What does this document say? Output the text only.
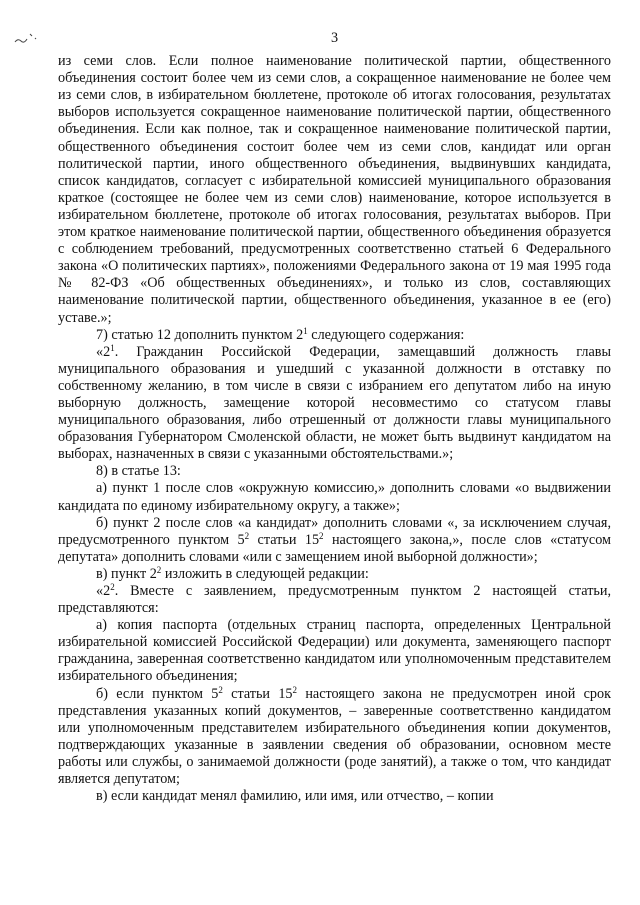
3

из семи слов. Если полное наименование политической партии, общественного объединения состоит более чем из семи слов, а сокращенное наименование не более чем из семи слов, в избирательном бюллетене, протоколе об итогах голосования, результатах выборов используется сокращенное наименование политической партии, общественного объединения. Если как полное, так и сокращенное наименование политической партии, общественного объединения состоит более чем из семи слов, кандидат или орган политической партии, иного общественного объединения, выдвинувших кандидата, список кандидатов, согласует с избирательной комиссией муниципального образования краткое (состоящее не более чем из семи слов) наименование, которое используется в избирательном бюллетене, протоколе об итогах голосования, результатах выборов. При этом краткое наименование политической партии, общественного объединения образуется с соблюдением требований, предусмотренных соответственно статьей 6 Федерального закона «О политических партиях», положениями Федерального закона от 19 мая 1995 года № 82-ФЗ «Об общественных объединениях», и только из слов, составляющих наименование политической партии, общественного объединения, указанное в ее (его) уставе.»;

7) статью 12 дополнить пунктом $2^1$ следующего содержания:

«$2^1$. Гражданин Российской Федерации, замещавший должность главы муниципального образования и ушедший с указанной должности в отставку по собственному желанию, в том числе в связи с избранием его депутатом либо на иную выборную должность, замещение которой несовместимо со статусом главы муниципального образования, либо отрешенный от должности главы муниципального образования Губернатором Смоленской области, не может быть выдвинут кандидатом на выборах, назначенных в связи с указанными обстоятельствами.»;

8) в статье 13:

а) пункт 1 после слов «окружную комиссию,» дополнить словами «о выдвижении кандидата по единому избирательному округу, а также»;

б) пункт 2 после слов «а кандидат» дополнить словами «, за исключением случая, предусмотренного пунктом $5^2$ статьи $15^2$ настоящего закона,», после слов «статусом депутата» дополнить словами «или с замещением иной выборной должности»;

в) пункт $2^2$ изложить в следующей редакции:

«$2^2$. Вместе с заявлением, предусмотренным пунктом 2 настоящей статьи, представляются:

а) копия паспорта (отдельных страниц паспорта, определенных Центральной избирательной комиссией Российской Федерации) или документа, заменяющего паспорт гражданина, заверенная соответственно кандидатом или уполномоченным представителем избирательного объединения;

б) если пунктом $5^2$ статьи $15^2$ настоящего закона не предусмотрен иной срок представления указанных копий документов, – заверенные соответственно кандидатом или уполномоченным представителем избирательного объединения копии документов, подтверждающих указанные в заявлении сведения об образовании, основном месте работы или службы, о занимаемой должности (роде занятий), а также о том, что кандидат является депутатом;

в) если кандидат менял фамилию, или имя, или отчество, – копии
